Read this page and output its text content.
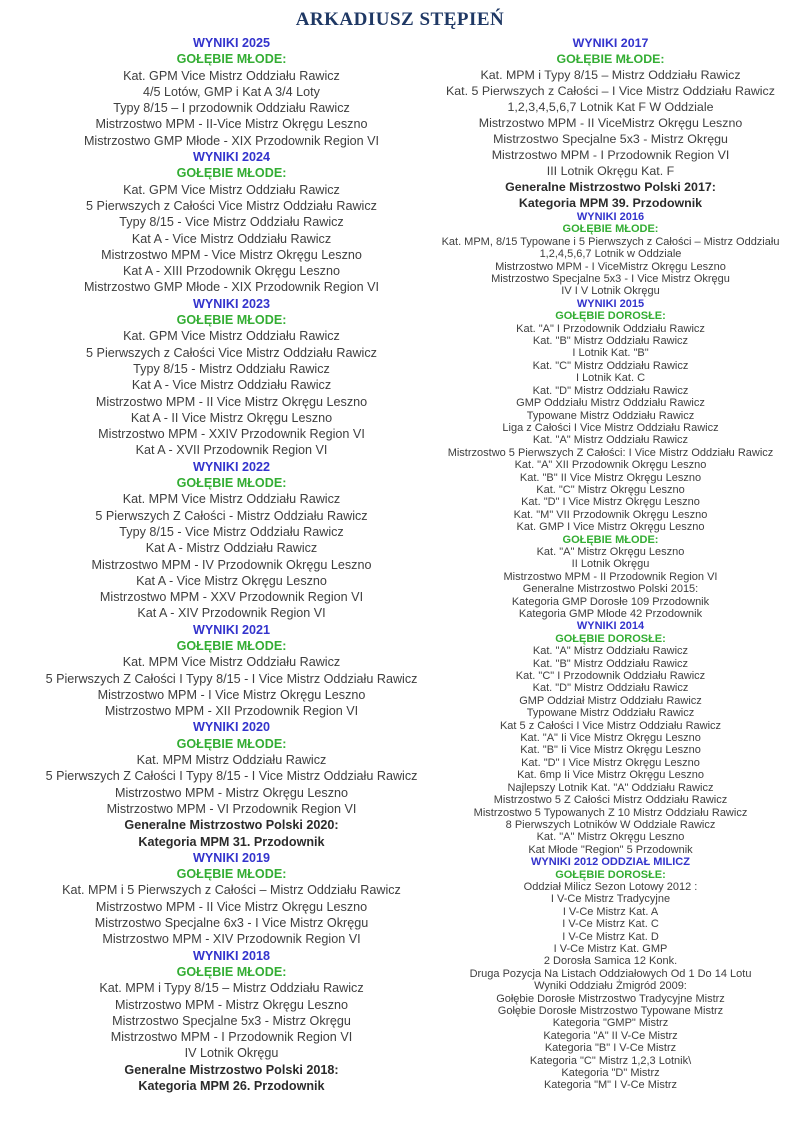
ARKADIUSZ STĘPIEŃ
WYNIKI 2025
GOŁĘBIE MŁODE:
Kat. GPM Vice Mistrz Oddziału Rawicz
4/5 Lotów, GMP i Kat A 3/4 Loty
Typy 8/15 – I przodownik Oddziału Rawicz
Mistrzostwo MPM - II-Vice Mistrz Okręgu Leszno
Mistrzostwo GMP Młode - XIX Przodownik Region VI
WYNIKI 2024
GOŁĘBIE MŁODE:
Kat. GPM Vice Mistrz Oddziału Rawicz
5 Pierwszych z Całości Vice Mistrz Oddziału Rawicz
Typy 8/15 - Vice Mistrz Oddziału Rawicz
Kat A - Vice Mistrz Oddziału Rawicz
Mistrzostwo MPM - Vice Mistrz Okręgu Leszno
Kat A - XIII Przodownik Okręgu Leszno
Mistrzostwo GMP Młode - XIX Przodownik Region VI
WYNIKI 2023
GOŁĘBIE MŁODE:
Kat. GPM Vice Mistrz Oddziału Rawicz
5 Pierwszych z Całości Vice Mistrz Oddziału Rawicz
Typy 8/15 - Mistrz Oddziału Rawicz
Kat A - Vice Mistrz Oddziału Rawicz
Mistrzostwo MPM - II Vice Mistrz Okręgu Leszno
Kat A - II Vice Mistrz Okręgu Leszno
Mistrzostwo MPM - XXIV Przodownik Region VI
Kat A - XVII Przodownik Region VI
WYNIKI 2022
GOŁĘBIE MŁODE:
Kat. MPM Vice Mistrz Oddziału Rawicz
5 Pierwszych Z Całości - Mistrz Oddziału Rawicz
Typy 8/15 - Vice Mistrz Oddziału Rawicz
Kat A - Mistrz Oddziału Rawicz
Mistrzostwo MPM - IV Przodownik Okręgu Leszno
Kat A - Vice Mistrz Okręgu Leszno
Mistrzostwo MPM - XXV Przodownik Region VI
Kat A - XIV Przodownik Region VI
WYNIKI 2021
GOŁĘBIE MŁODE:
Kat. MPM Vice Mistrz Oddziału Rawicz
5 Pierwszych Z Całości I Typy 8/15 - I Vice Mistrz Oddziału Rawicz
Mistrzostwo MPM - I Vice Mistrz Okręgu Leszno
Mistrzostwo MPM - XII Przodownik Region VI
WYNIKI 2020
GOŁĘBIE MŁODE:
Kat. MPM Mistrz Oddziału Rawicz
5 Pierwszych Z Całości I Typy 8/15 - I Vice Mistrz Oddziału Rawicz
Mistrzostwo MPM - Mistrz Okręgu Leszno
Mistrzostwo MPM - VI Przodownik Region VI
Generalne Mistrzostwo Polski 2020:
Kategoria MPM 31. Przodownik
WYNIKI 2019
GOŁĘBIE MŁODE:
Kat. MPM i 5 Pierwszych z Całości – Mistrz Oddziału Rawicz
Mistrzostwo MPM - II Vice Mistrz Okręgu Leszno
Mistrzostwo Specjalne 6x3 - I Vice Mistrz Okręgu
Mistrzostwo MPM - XIV Przodownik Region VI
WYNIKI 2018
GOŁĘBIE MŁODE:
Kat. MPM i Typy 8/15 – Mistrz Oddziału Rawicz
Mistrzostwo MPM - Mistrz Okręgu Leszno
Mistrzostwo Specjalne 5x3 - Mistrz Okręgu
Mistrzostwo MPM - I Przodownik Region VI
IV Lotnik Okręgu
Generalne Mistrzostwo Polski 2018:
Kategoria MPM 26. Przodownik
WYNIKI 2017
GOŁĘBIE MŁODE:
Kat. MPM i Typy 8/15 – Mistrz Oddziału Rawicz
Kat. 5 Pierwszych z Całości – I Vice Mistrz Oddziału Rawicz
1,2,3,4,5,6,7 Lotnik Kat F W Oddziale
Mistrzostwo MPM - II ViceMistrz Okręgu Leszno
Mistrzostwo Specjalne 5x3 - Mistrz Okręgu
Mistrzostwo MPM - I Przodownik Region VI
III Lotnik Okręgu Kat. F
Generalne Mistrzostwo Polski 2017:
Kategoria MPM 39. Przodownik
WYNIKI 2016
GOŁĘBIE MŁODE:
Kat. MPM, 8/15 Typowane i 5 Pierwszych z Całości – Mistrz Oddziału
1,2,4,5,6,7 Lotnik w Oddziale
Mistrzostwo MPM - I ViceMistrz Okręgu Leszno
Mistrzostwo Specjalne 5x3 - I Vice Mistrz Okręgu
IV I V Lotnik Okręgu
WYNIKI 2015
GOŁĘBIE DOROSŁE:
Kat. "A" I Przodownik Oddziału Rawicz
Kat. "B" Mistrz Oddziału Rawicz
I Lotnik Kat. "B"
Kat. "C" Mistrz Oddziału Rawicz
I Lotnik Kat. C
Kat. "D" Mistrz Oddziału Rawicz
GMP Oddziału Mistrz Oddziału Rawicz
Typowane Mistrz Oddziału Rawicz
Liga z Całości I Vice Mistrz Oddziału Rawicz
Kat. "A" Mistrz Oddziału Rawicz
Mistrzostwo 5 Pierwszych Z Całości: I Vice Mistrz Oddziału Rawicz
Kat. "A" XII Przodownik Okręgu Leszno
Kat. "B" II Vice Mistrz Okręgu Leszno
Kat. "C" Mistrz Okręgu Leszno
Kat. "D" I Vice Mistrz Okręgu Leszno
Kat. "M" VII Przodownik Okręgu Leszno
Kat. GMP I Vice Mistrz Okręgu Leszno
GOŁĘBIE MŁODE:
Kat. "A" Mistrz Okręgu Leszno
II Lotnik Okręgu
Mistrzostwo MPM - II Przodownik Region VI
Generalne Mistrzostwo Polski 2015:
Kategoria GMP Dorosłe 109 Przodownik
Kategoria GMP Młode 42 Przodownik
WYNIKI 2014
GOŁĘBIE DOROSŁE:
Kat. "A" Mistrz Oddziału Rawicz
Kat. "B" Mistrz Oddziału Rawicz
Kat. "C" I Przodownik Oddziału Rawicz
Kat. "D" Mistrz Oddziału Rawicz
GMP Oddział Mistrz Oddziału Rawicz
Typowane Mistrz Oddziału Rawicz
Kat 5 z Całości I Vice Mistrz Oddziału Rawicz
Kat. "A" Ii Vice Mistrz Okręgu Leszno
Kat. "B" Ii Vice Mistrz Okręgu Leszno
Kat. "D" I Vice Mistrz Okręgu Leszno
Kat. 6mp Ii Vice Mistrz Okręgu Leszno
Najlepszy Lotnik Kat. "A" Oddziału Rawicz
Mistrzostwo 5 Z Całości Mistrz Oddziału Rawicz
Mistrzostwo 5 Typowanych Z 10 Mistrz Oddziału Rawicz
8 Pierwszych Lotników W Oddziale Rawicz
Kat. "A" Mistrz Okręgu Leszno
Kat Młode "Region" 5 Przodownik
WYNIKI 2012 ODDZIAŁ MILICZ
GOŁĘBIE DOROSŁE:
Oddział Milicz Sezon Lotowy 2012 :
I V-Ce Mistrz Tradycyjne
I V-Ce Mistrz Kat. A
I V-Ce Mistrz Kat. C
I V-Ce Mistrz Kat. D
I V-Ce Mistrz Kat. GMP
2 Dorosła Samica 12 Konk.
Druga Pozycja Na Listach Oddziałowych Od 1 Do 14 Lotu
Wyniki Oddziału Żmigród 2009:
Gołębie Dorosłe Mistrzostwo Tradycyjne Mistrz
Gołębie Dorosłe Mistrzostwo Typowane Mistrz
Kategoria "GMP" Mistrz
Kategoria "A" II V-Ce Mistrz
Kategoria "B" I V-Ce Mistrz
Kategoria "C" Mistrz 1,2,3 Lotnik\
Kategoria "D" Mistrz
Kategoria "M" I V-Ce Mistrz
